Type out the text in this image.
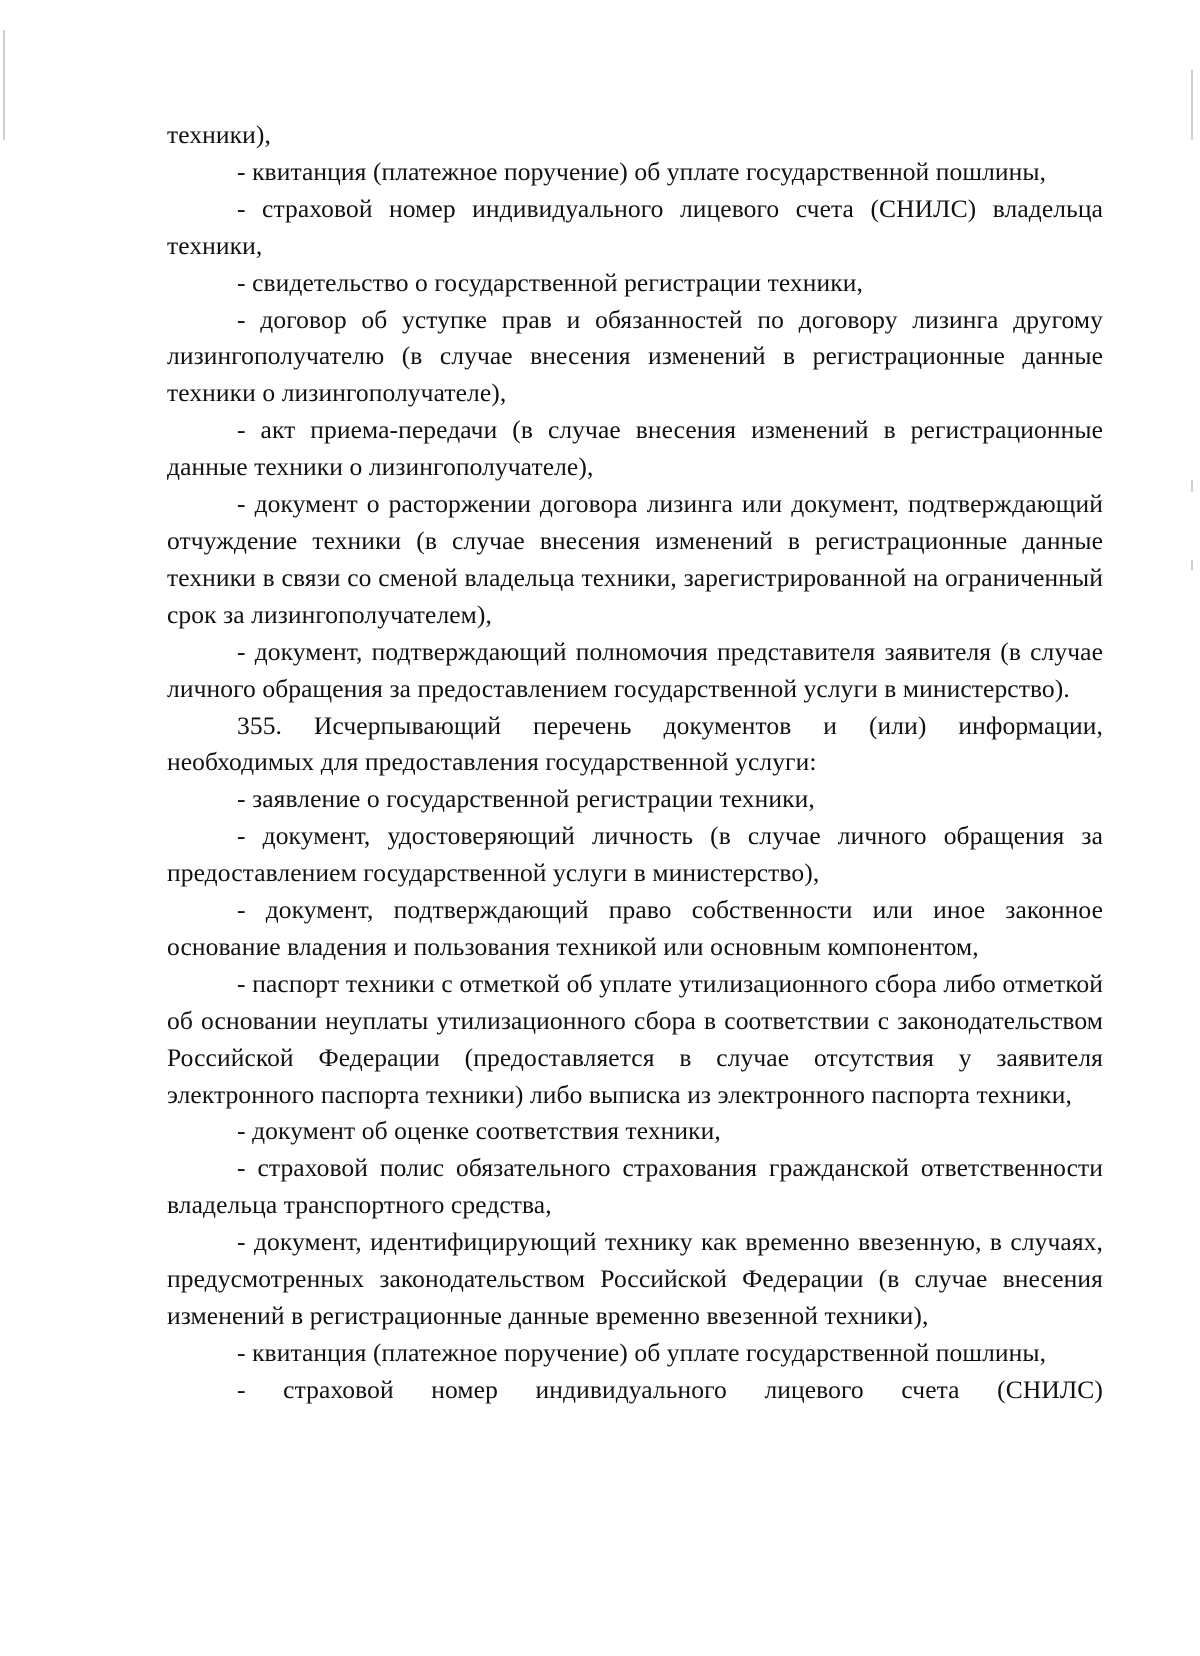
техники),

- квитанция (платежное поручение) об уплате государственной пошлины,

- страховой номер индивидуального лицевого счета (СНИЛС) владельца техники,

- свидетельство о государственной регистрации техники,

- договор об уступке прав и обязанностей по договору лизинга другому лизингополучателю (в случае внесения изменений в регистрационные данные техники о лизингополучателе),

- акт приема-передачи (в случае внесения изменений в регистрационные данные техники о лизингополучателе),

- документ о расторжении договора лизинга или документ, подтверждающий отчуждение техники (в случае внесения изменений в регистрационные данные техники в связи со сменой владельца техники, зарегистрированной на ограниченный срок за лизингополучателем),

- документ, подтверждающий полномочия представителя заявителя (в случае личного обращения за предоставлением государственной услуги в министерство).

355. Исчерпывающий перечень документов и (или) информации, необходимых для предоставления государственной услуги:

- заявление о государственной регистрации техники,

- документ, удостоверяющий личность (в случае личного обращения за предоставлением государственной услуги в министерство),

- документ, подтверждающий право собственности или иное законное основание владения и пользования техникой или основным компонентом,

- паспорт техники с отметкой об уплате утилизационного сбора либо отметкой об основании неуплаты утилизационного сбора в соответствии с законодательством Российской Федерации (предоставляется в случае отсутствия у заявителя электронного паспорта техники) либо выписка из электронного паспорта техники,

- документ об оценке соответствия техники,

- страховой полис обязательного страхования гражданской ответственности владельца транспортного средства,

- документ, идентифицирующий технику как временно ввезенную, в случаях, предусмотренных законодательством Российской Федерации (в случае внесения изменений в регистрационные данные временно ввезенной техники),

- квитанция (платежное поручение) об уплате государственной пошлины,

- страховой номер индивидуального лицевого счета (СНИЛС)
